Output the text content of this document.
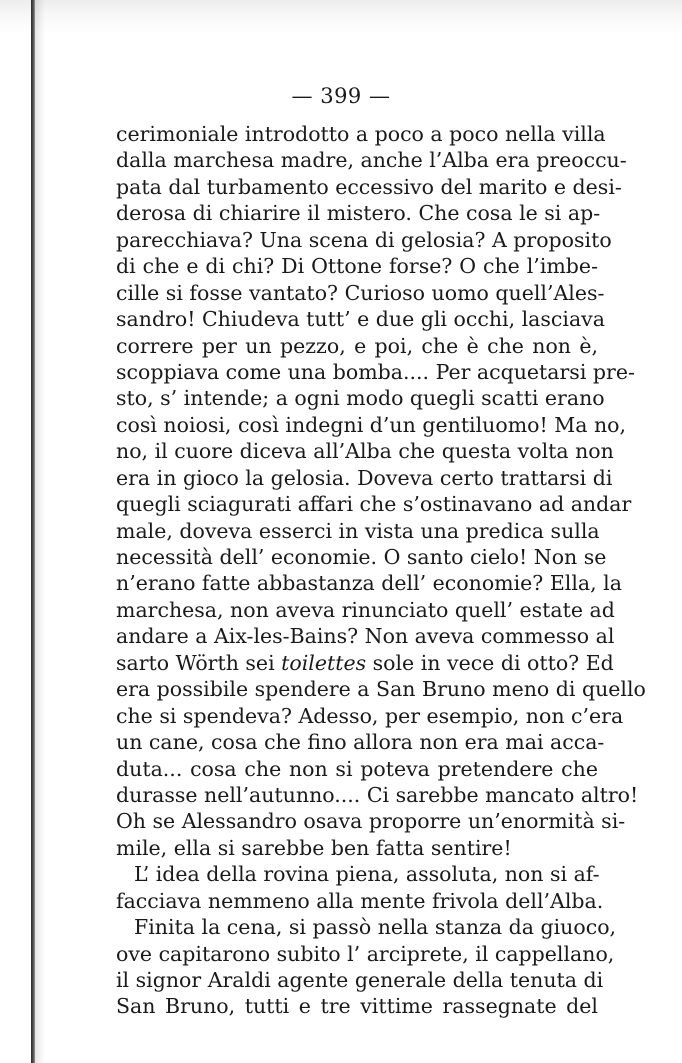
— 399 —
cerimoniale introdotto a poco a poco nella villa
dalla marchesa madre, anche l’Alba era preoccu-
pata dal turbamento eccessivo del marito e desi-
derosa di chiarire il mistero. Che cosa le si ap-
parecchiava? Una scena di gelosia? A proposito
di che e di chi? Di Ottone forse? O che l’imbe-
cille si fosse vantato? Curioso uomo quell’Ales-
sandro! Chiudeva tutt’ e due gli occhi, lasciava
correre per un pezzo, e poi, che è che non è,
scoppiava come una bomba.... Per acquetarsi pre-
sto, s’ intende; a ogni modo quegli scatti erano
così noiosi, così indegni d’un gentiluomo! Ma no,
no, il cuore diceva all’Alba che questa volta non
era in gioco la gelosia. Doveva certo trattarsi di
quegli sciagurati affari che s’ostinavano ad andar
male, doveva esserci in vista una predica sulla
necessità dell’ economie. O santo cielo! Non se
n’erano fatte abbastanza dell’ economie? Ella, la
marchesa, non aveva rinunciato quell’ estate ad
andare a Aix-les-Bains? Non aveva commesso al
sarto Wörth sei toilettes sole in vece di otto? Ed
era possibile spendere a San Bruno meno di quello
che si spendeva? Adesso, per esempio, non c’era
un cane, cosa che fino allora non era mai acca-
duta... cosa che non si poteva pretendere che
durasse nell’autunno.... Ci sarebbe mancato altro!
Oh se Alessandro osava proporre un’enormità si-
mile, ella si sarebbe ben fatta sentire!
L’ idea della rovina piena, assoluta, non si af-
facciava nemmeno alla mente frivola dell’Alba.
Finita la cena, si passò nella stanza da giuoco,
ove capitarono subito l’ arciprete, il cappellano,
il signor Araldi agente generale della tenuta di
San Bruno, tutti e tre vittime rassegnate del
